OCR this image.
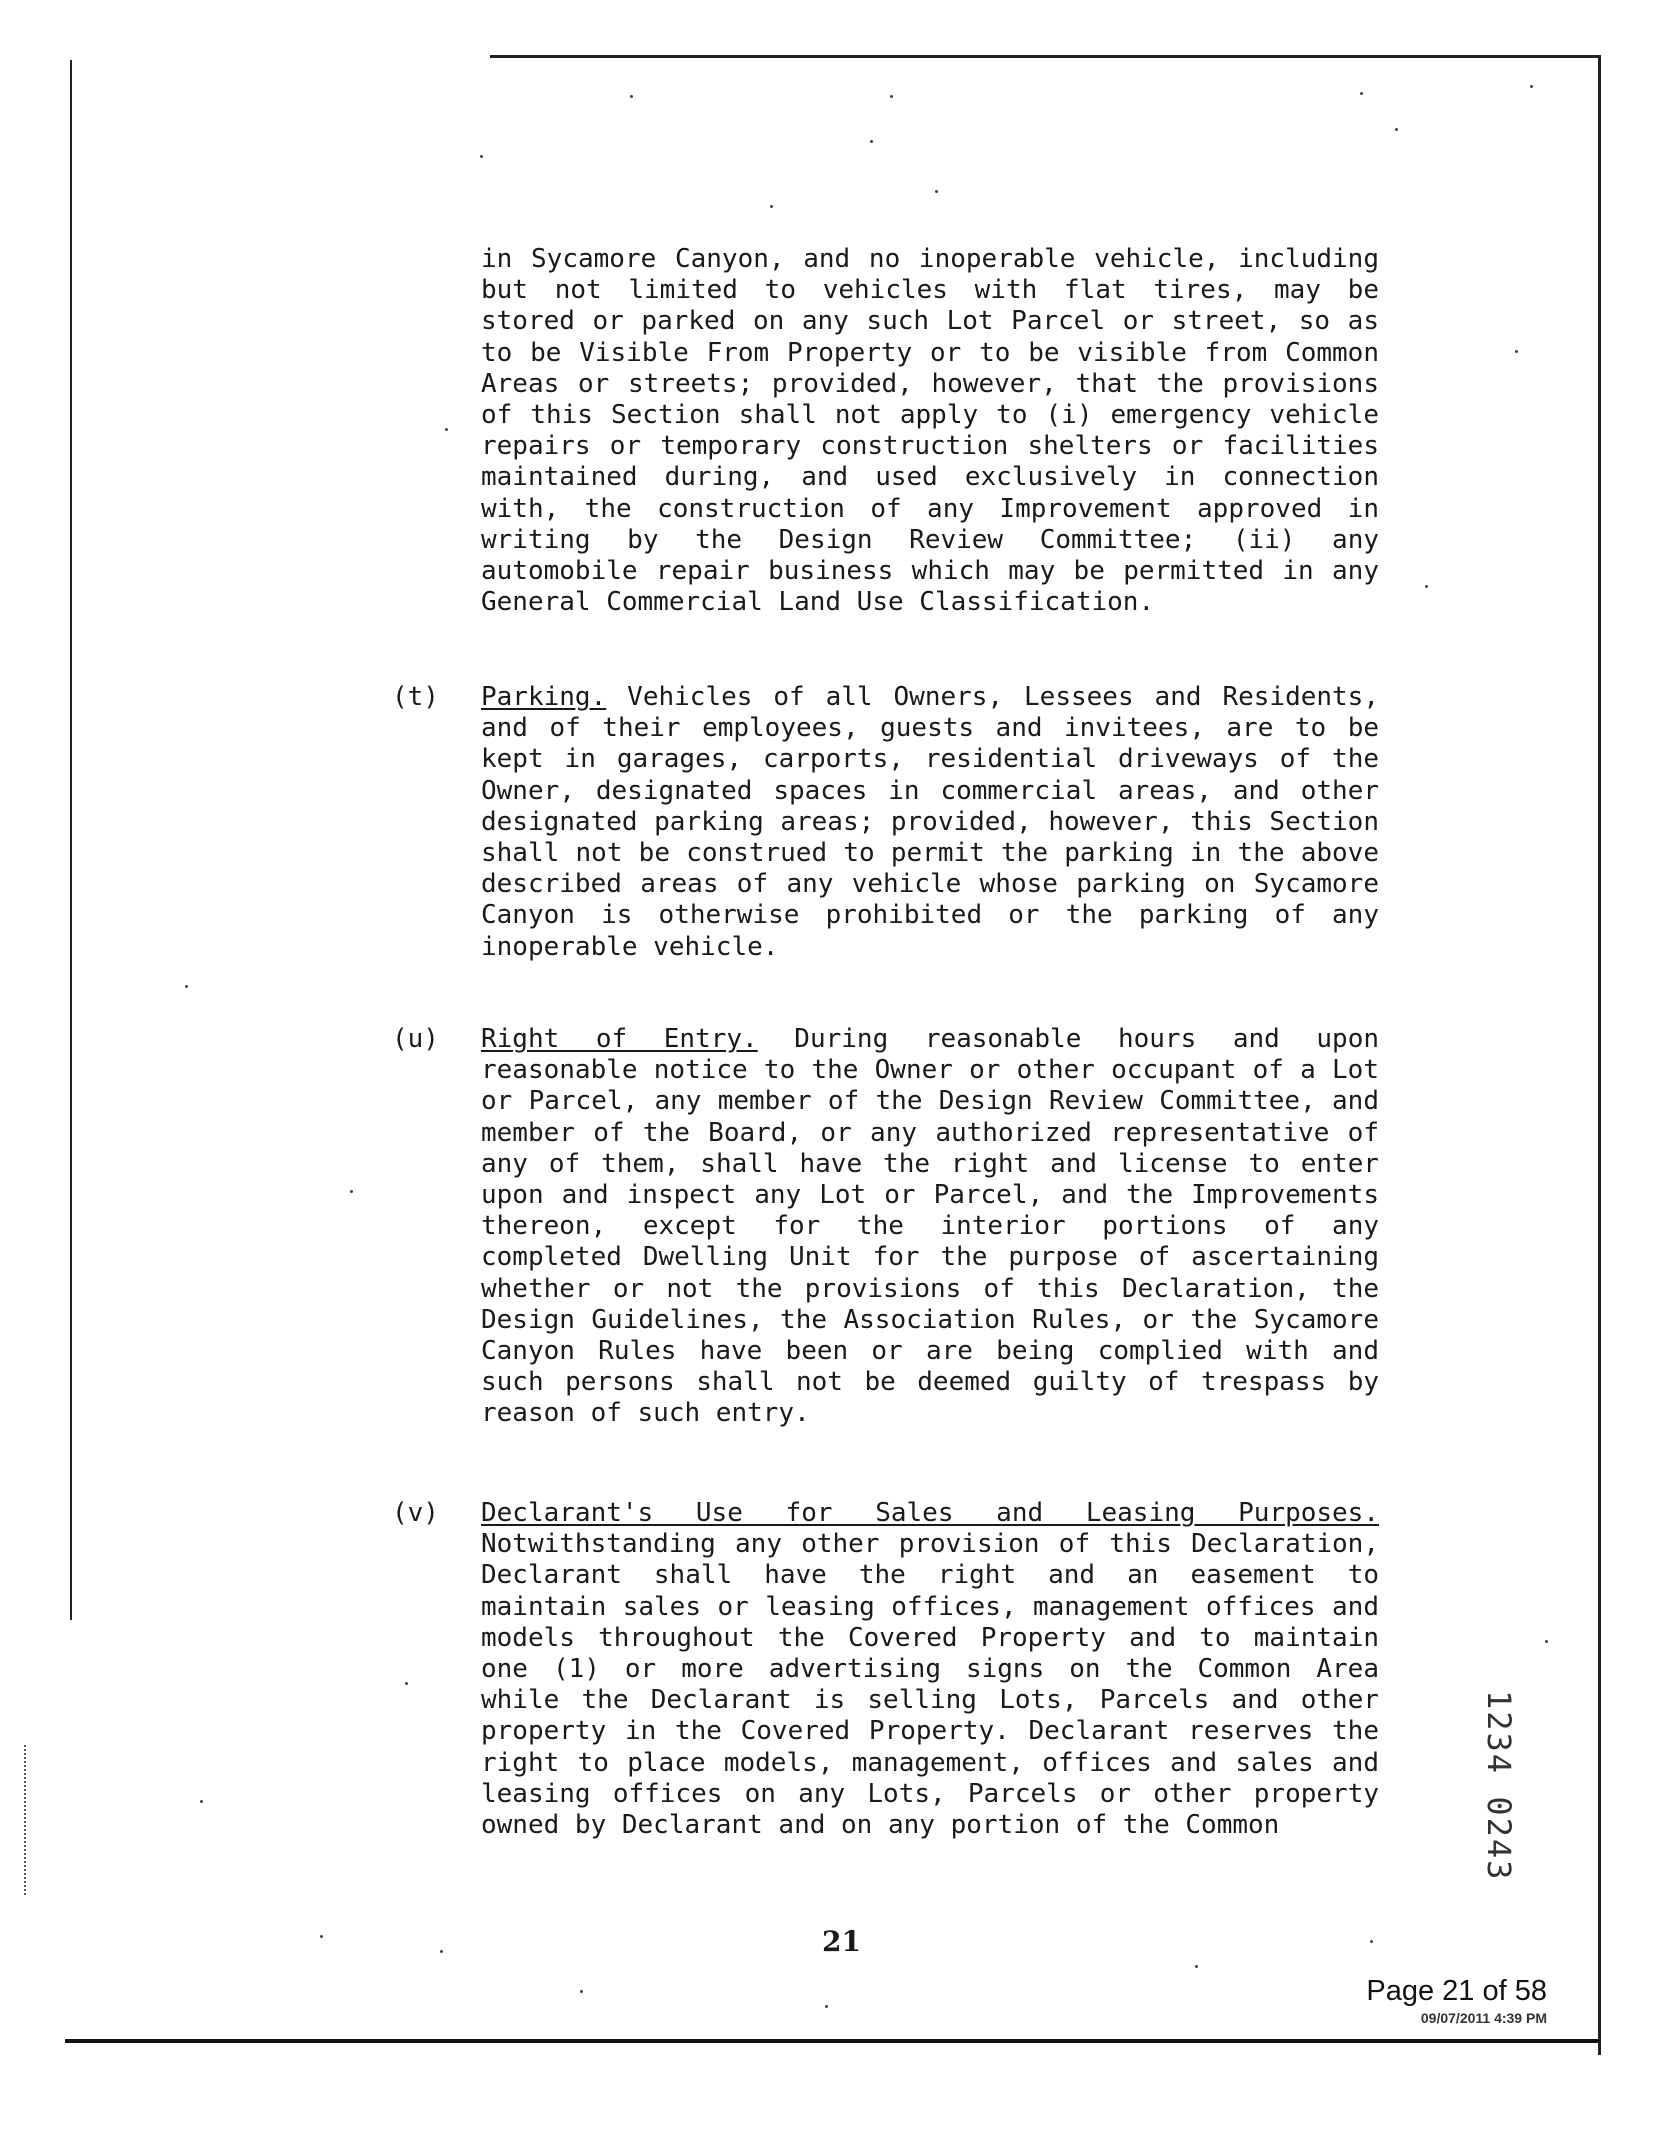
in Sycamore Canyon, and no inoperable vehicle, including but not limited to vehicles with flat tires, may be stored or parked on any such Lot Parcel or street, so as to be Visible From Property or to be visible from Common Areas or streets; provided, however, that the provisions of this Section shall not apply to (i) emergency vehicle repairs or temporary construction shelters or facilities maintained during, and used exclusively in connection with, the construction of any Improvement approved in writing by the Design Review Committee; (ii) any automobile repair business which may be permitted in any General Commercial Land Use Classification.
(t) Parking. Vehicles of all Owners, Lessees and Residents, and of their employees, guests and invitees, are to be kept in garages, carports, residential driveways of the Owner, designated spaces in commercial areas, and other designated parking areas; provided, however, this Section shall not be construed to permit the parking in the above described areas of any vehicle whose parking on Sycamore Canyon is otherwise prohibited or the parking of any inoperable vehicle.
(u) Right of Entry. During reasonable hours and upon reasonable notice to the Owner or other occupant of a Lot or Parcel, any member of the Design Review Committee, and member of the Board, or any authorized representative of any of them, shall have the right and license to enter upon and inspect any Lot or Parcel, and the Improvements thereon, except for the interior portions of any completed Dwelling Unit for the purpose of ascertaining whether or not the provisions of this Declaration, the Design Guidelines, the Association Rules, or the Sycamore Canyon Rules have been or are being complied with and such persons shall not be deemed guilty of trespass by reason of such entry.
(v) Declarant's Use for Sales and Leasing Purposes. Notwithstanding any other provision of this Declaration, Declarant shall have the right and an easement to maintain sales or leasing offices, management offices and models throughout the Covered Property and to maintain one (1) or more advertising signs on the Common Area while the Declarant is selling Lots, Parcels and other property in the Covered Property. Declarant reserves the right to place models, management, offices and sales and leasing offices on any Lots, Parcels or other property owned by Declarant and on any portion of the Common	1234 0243
21
Page 21 of 58
09/07/2011 4:39 PM
